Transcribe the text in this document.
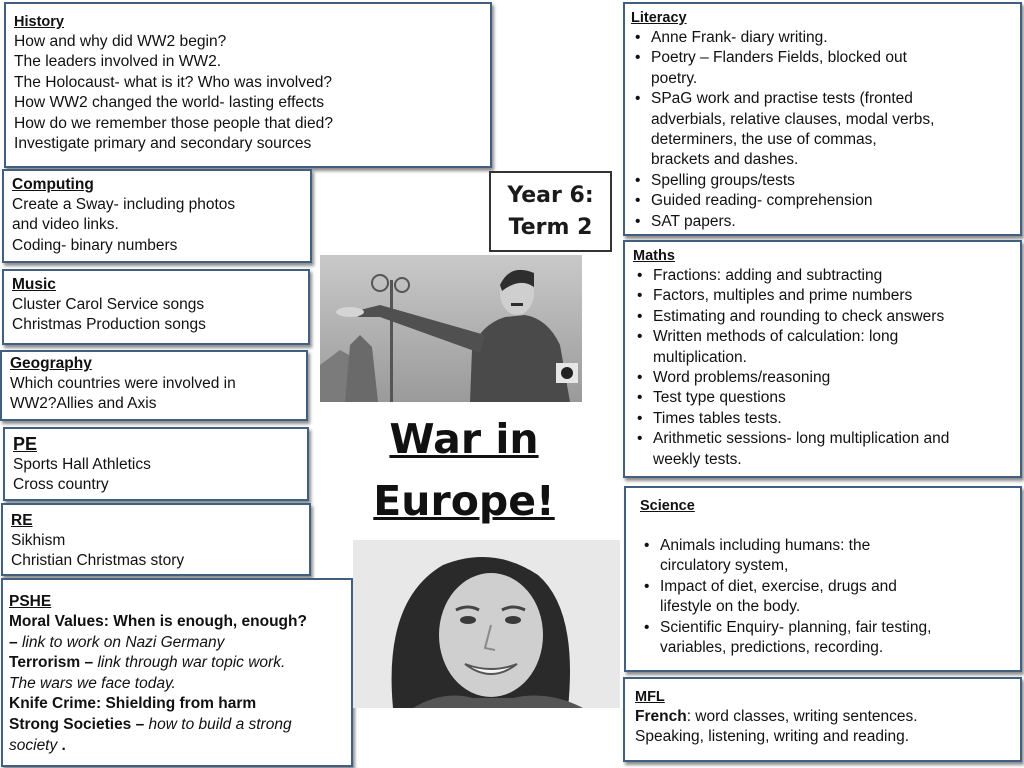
History
How and why did WW2 begin?
The leaders involved in WW2.
The Holocaust- what is it? Who was involved?
How WW2 changed the world- lasting effects
How do we remember those people that died?
Investigate primary and secondary sources
Computing
Create a Sway- including photos
and video links.
Coding- binary numbers
Music
Cluster Carol Service songs
Christmas Production songs
Geography
Which countries were involved in
WW2?Allies and Axis
PE
Sports Hall Athletics
Cross country
RE
Sikhism
Christian Christmas story
PSHE
Moral Values: When is enough, enough?
– link to work on Nazi Germany
Terrorism – link through war topic work.
The wars we face today.
Knife Crime: Shielding from harm
Strong Societies – how to build a strong
society .
Year 6:
Term 2
War in
Europe!
Literacy
• Anne Frank- diary writing.
• Poetry – Flanders Fields, blocked out
poetry.
• SPaG work and practise tests (fronted
adverbials, relative clauses, modal verbs,
determiners, the use of commas,
brackets and dashes.
• Spelling groups/tests
• Guided reading- comprehension
• SAT papers.
Maths
• Fractions: adding and subtracting
• Factors, multiples and prime numbers
• Estimating and rounding to check answers
• Written methods of calculation: long
multiplication.
• Word problems/reasoning
• Test type questions
• Times tables tests.
• Arithmetic sessions- long multiplication and
weekly tests.
Science
• Animals including humans: the
circulatory system,
• Impact of diet, exercise, drugs and
lifestyle on the body.
• Scientific Enquiry- planning, fair testing,
variables, predictions, recording.
MFL
French: word classes, writing sentences.
Speaking, listening, writing and reading.
